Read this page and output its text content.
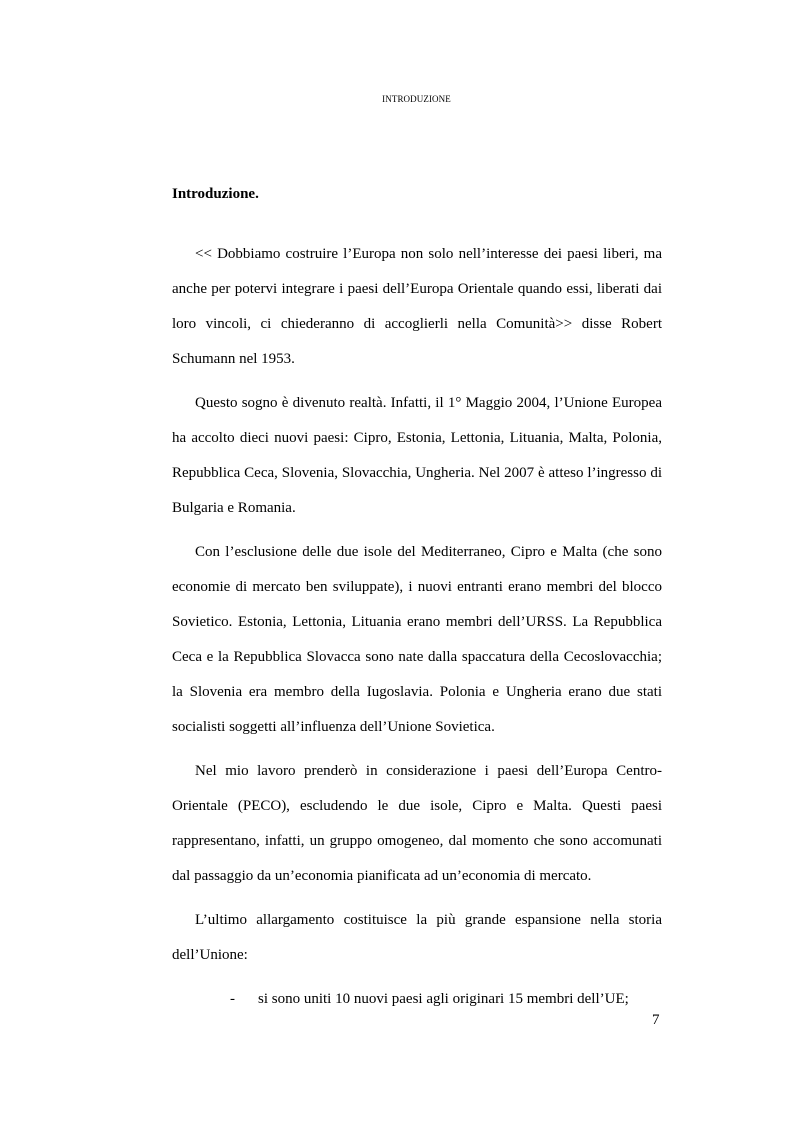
INTRODUZIONE
Introduzione.

<< Dobbiamo costruire l’Europa non solo nell’interesse dei paesi liberi, ma anche per potervi integrare i paesi dell’Europa Orientale quando essi, liberati dai loro vincoli, ci chiederanno di accoglierli nella Comunità>> disse Robert Schumann nel 1953.

Questo sogno è divenuto realtà. Infatti, il 1° Maggio 2004, l’Unione Europea ha accolto dieci nuovi paesi: Cipro, Estonia, Lettonia, Lituania, Malta, Polonia, Repubblica Ceca, Slovenia, Slovacchia, Ungheria. Nel 2007 è atteso l’ingresso di Bulgaria e Romania.

Con l’esclusione delle due isole del Mediterraneo, Cipro e Malta (che sono economie di mercato ben sviluppate), i nuovi entranti erano membri del blocco Sovietico. Estonia, Lettonia, Lituania erano membri dell’URSS. La Repubblica Ceca e la Repubblica Slovacca sono nate dalla spaccatura della Cecoslovacchia; la Slovenia era membro della Iugoslavia. Polonia e Ungheria erano due stati socialisti soggetti all’influenza dell’Unione Sovietica.

Nel mio lavoro prenderò in considerazione i paesi dell’Europa Centro-Orientale (PECO), escludendo le due isole, Cipro e Malta. Questi paesi rappresentano, infatti, un gruppo omogeneo, dal momento che sono accomunati dal passaggio da un’economia pianificata ad un’economia di mercato.

L’ultimo allargamento costituisce la più grande espansione nella storia dell’Unione:

- si sono uniti 10 nuovi paesi agli originari 15 membri dell’UE;
7
